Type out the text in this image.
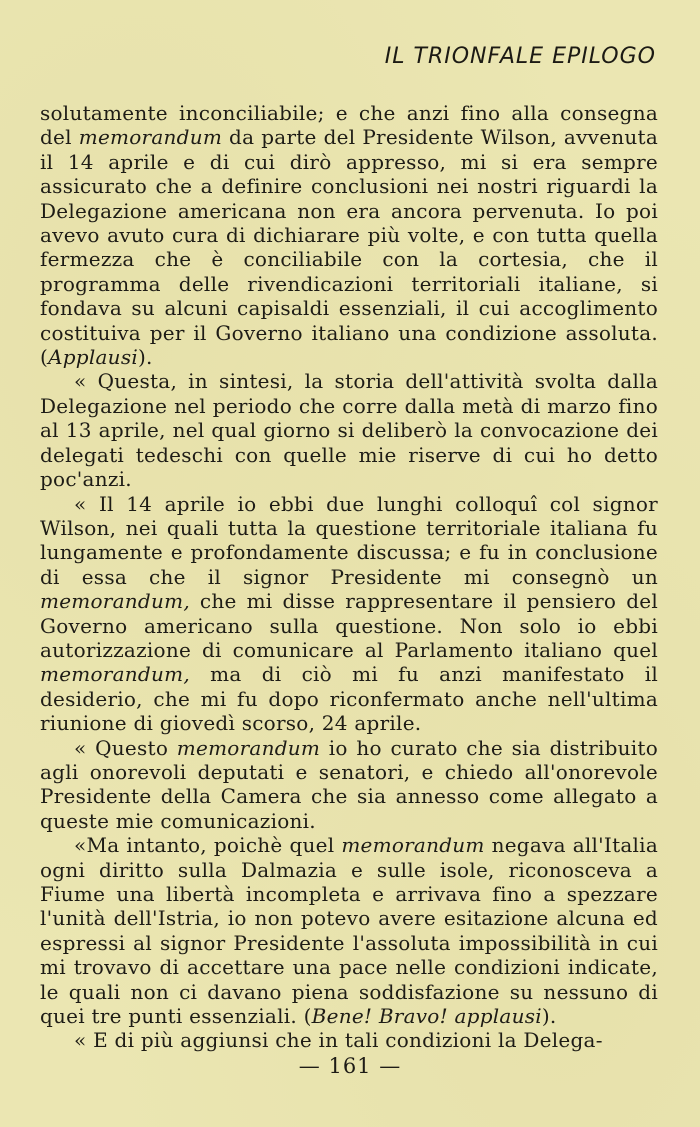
IL TRIONFALE EPILOGO

solutamente inconciliabile; e che anzi fino alla consegna del memorandum da parte del Presidente Wilson, avvenuta il 14 aprile e di cui dirò appresso, mi si era sempre assicurato che a definire conclusioni nei nostri riguardi la Delegazione americana non era ancora pervenuta. Io poi avevo avuto cura di dichiarare più volte, e con tutta quella fermezza che è conciliabile con la cortesia, che il programma delle rivendicazioni territoriali italiane, si fondava su alcuni capisaldi essenziali, il cui accoglimento costituiva per il Governo italiano una condizione assoluta. (Applausi).

« Questa, in sintesi, la storia dell'attività svolta dalla Delegazione nel periodo che corre dalla metà di marzo fino al 13 aprile, nel qual giorno si deliberò la convocazione dei delegati tedeschi con quelle mie riserve di cui ho detto poc'anzi.

« Il 14 aprile io ebbi due lunghi colloquî col signor Wilson, nei quali tutta la questione territoriale italiana fu lungamente e profondamente discussa; e fu in conclusione di essa che il signor Presidente mi consegnò un memorandum, che mi disse rappresentare il pensiero del Governo americano sulla questione. Non solo io ebbi autorizzazione di comunicare al Parlamento italiano quel memorandum, ma di ciò mi fu anzi manifestato il desiderio, che mi fu dopo riconfermato anche nell'ultima riunione di giovedì scorso, 24 aprile.

« Questo memorandum io ho curato che sia distribuito agli onorevoli deputati e senatori, e chiedo all'onorevole Presidente della Camera che sia annesso come allegato a queste mie comunicazioni.

«Ma intanto, poichè quel memorandum negava all'Italia ogni diritto sulla Dalmazia e sulle isole, riconosceva a Fiume una libertà incompleta e arrivava fino a spezzare l'unità dell'Istria, io non potevo avere esitazione alcuna ed espressi al signor Presidente l'assoluta impossibilità in cui mi trovavo di accettare una pace nelle condizioni indicate, le quali non ci davano piena soddisfazione su nessuno di quei tre punti essenziali. (Bene! Bravo! applausi).

« E di più aggiunsi che in tali condizioni la Delega-

— 161 —
